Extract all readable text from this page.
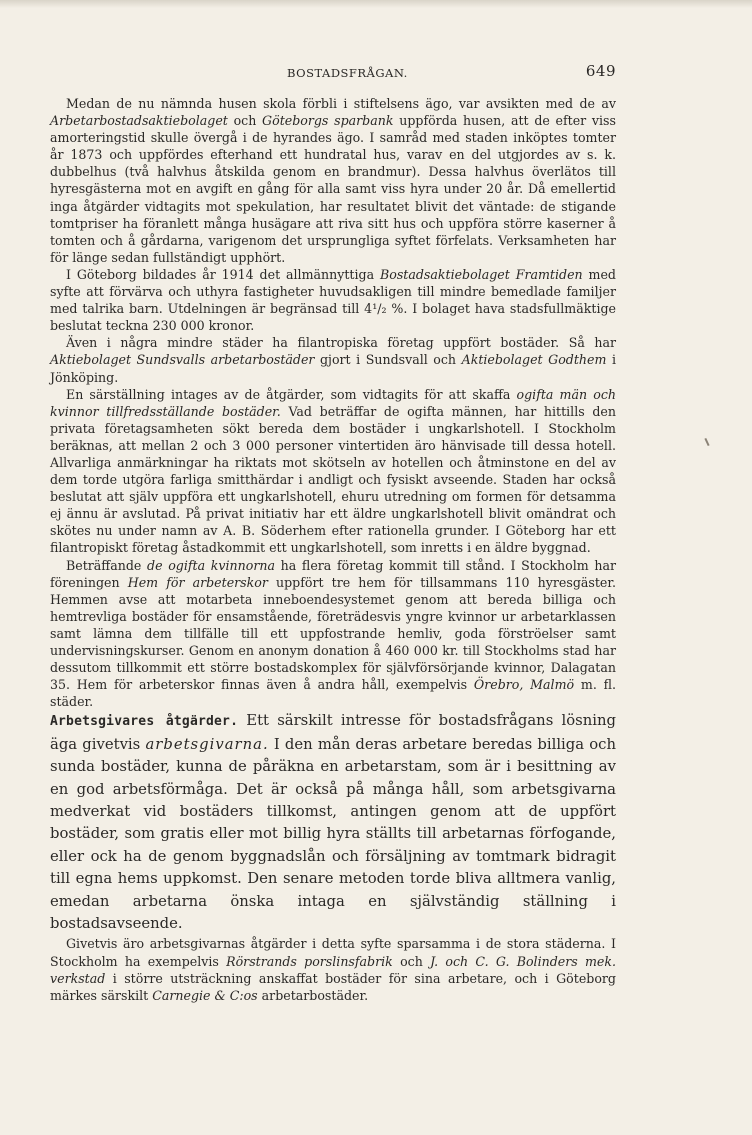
BOSTADSFRÅGAN.	649

Medan de nu nämnda husen skola förbli i stiftelsens ägo, var avsikten med de av Arbetarbostadsaktiebolaget och Göteborgs sparbank uppförda husen, att de efter viss amorteringstid skulle övergå i de hyrandes ägo. I samråd med staden inköptes tomter år 1873 och uppfördes efterhand ett hundratal hus, varav en del utgjordes av s. k. dubbelhus (två halvhus åtskilda genom en brandmur). Dessa halvhus överlätos till hyresgästerna mot en avgift en gång för alla samt viss hyra under 20 år. Då emellertid inga åtgärder vidtagits mot spekulation, har resultatet blivit det väntade: de stigande tomtpriser ha föranlett många husägare att riva sitt hus och uppföra större kaserner å tomten och å gårdarna, varigenom det ursprungliga syftet förfelats. Verksamheten har för länge sedan fullständigt upphört.

I Göteborg bildades år 1914 det allmännyttiga Bostadsaktiebolaget Framtiden med syfte att förvärva och uthyra fastigheter huvudsakligen till mindre bemedlade familjer med talrika barn. Utdelningen är begränsad till 4¹/₂ %. I bolaget hava stadsfullmäktige beslutat teckna 230 000 kronor.

Även i några mindre städer ha filantropiska företag uppfört bostäder. Så har Aktiebolaget Sundsvalls arbetarbostäder gjort i Sundsvall och Aktiebolaget Godthem i Jönköping.

En särställning intages av de åtgärder, som vidtagits för att skaffa ogifta män och kvinnor tillfredsställande bostäder. Vad beträffar de ogifta männen, har hittills den privata företagsamheten sökt bereda dem bostäder i ungkarlshotell. I Stockholm beräknas, att mellan 2 och 3 000 personer vintertiden äro hänvisade till dessa hotell. Allvarliga anmärkningar ha riktats mot skötseln av hotellen och åtminstone en del av dem torde utgöra farliga smitthärdar i andligt och fysiskt avseende. Staden har också beslutat att själv uppföra ett ungkarlshotell, ehuru utredning om formen för detsamma ej ännu är avslutad. På privat initiativ har ett äldre ungkarlshotell blivit omändrat och skötes nu under namn av A. B. Söderhem efter rationella grunder. I Göteborg har ett filantropiskt företag åstadkommit ett ungkarlshotell, som inretts i en äldre byggnad.

Beträffande de ogifta kvinnorna ha flera företag kommit till stånd. I Stockholm har föreningen Hem för arbeterskor uppfört tre hem för tillsammans 110 hyresgäster. Hemmen avse att motarbeta inneboendesystemet genom att bereda billiga och hemtrevliga bostäder för ensamstående, företrädesvis yngre kvinnor ur arbetarklassen samt lämna dem tillfälle till ett uppfostrande hemliv, goda förströelser samt undervisningskurser. Genom en anonym donation å 460 000 kr. till Stockholms stad har dessutom tillkommit ett större bostadskomplex för självförsörjande kvinnor, Dalagatan 35. Hem för arbeterskor finnas även å andra håll, exempelvis Örebro, Malmö m. fl. städer.

Arbetsgivares åtgärder. Ett särskilt intresse för bostadsfrågans lösning äga givetvis arbetsgivarna. I den mån deras arbetare beredas billiga och sunda bostäder, kunna de påräkna en arbetarstam, som är i besittning av en god arbetsförmåga. Det är också på många håll, som arbetsgivarna medverkat vid bostäders tillkomst, antingen genom att de uppfört bostäder, som gratis eller mot billig hyra ställts till arbetarnas förfogande, eller ock ha de genom byggnadslån och försäljning av tomtmark bidragit till egna hems uppkomst. Den senare metoden torde bliva alltmera vanlig, emedan arbetarna önska intaga en självständig ställning i bostadsavseende.

Givetvis äro arbetsgivarnas åtgärder i detta syfte sparsamma i de stora städerna. I Stockholm ha exempelvis Rörstrands porslinsfabrik och J. och C. G. Bolinders mek. verkstad i större utsträckning anskaffat bostäder för sina arbetare, och i Göteborg märkes särskilt Carnegie & C:os arbetarbostäder.
